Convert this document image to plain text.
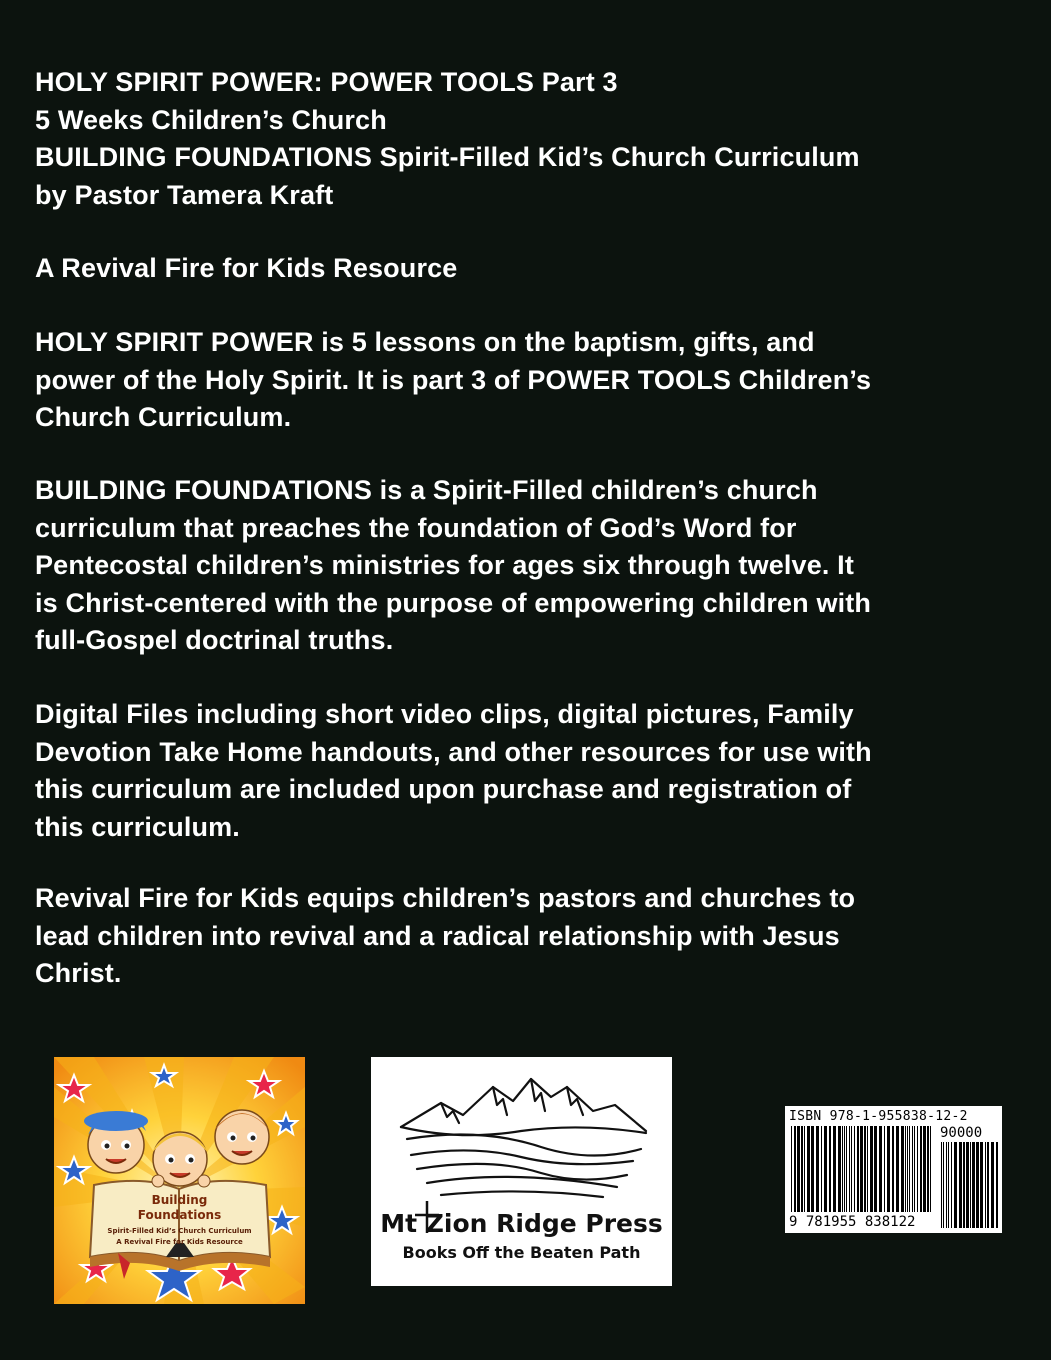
HOLY SPIRIT POWER: POWER TOOLS Part 3
5 Weeks Children’s Church
BUILDING FOUNDATIONS Spirit-Filled Kid’s Church Curriculum
by Pastor Tamera Kraft
A Revival Fire for Kids Resource
HOLY SPIRIT POWER is 5 lessons on the baptism, gifts, and
power of the Holy Spirit. It is part 3 of POWER TOOLS Children’s
Church Curriculum.
BUILDING FOUNDATIONS is a Spirit-Filled children’s church
curriculum that preaches the foundation of God’s Word for
Pentecostal children’s ministries for ages six through twelve. It
is Christ-centered with the purpose of empowering children with
full-Gospel doctrinal truths.
Digital Files including short video clips, digital pictures, Family
Devotion Take Home handouts, and other resources for use with
this curriculum are included upon purchase and registration of
this curriculum.
Revival Fire for Kids equips children’s pastors and churches to
lead children into revival and a radical relationship with Jesus
Christ.
Building
Foundations
Spirit-Filled Kid’s Church Curriculum
A Revival Fire for Kids Resource
Mt Zion Ridge Press
Books Off the Beaten Path
ISBN 978-1-955838-12-2
90000
9 781955 838122
